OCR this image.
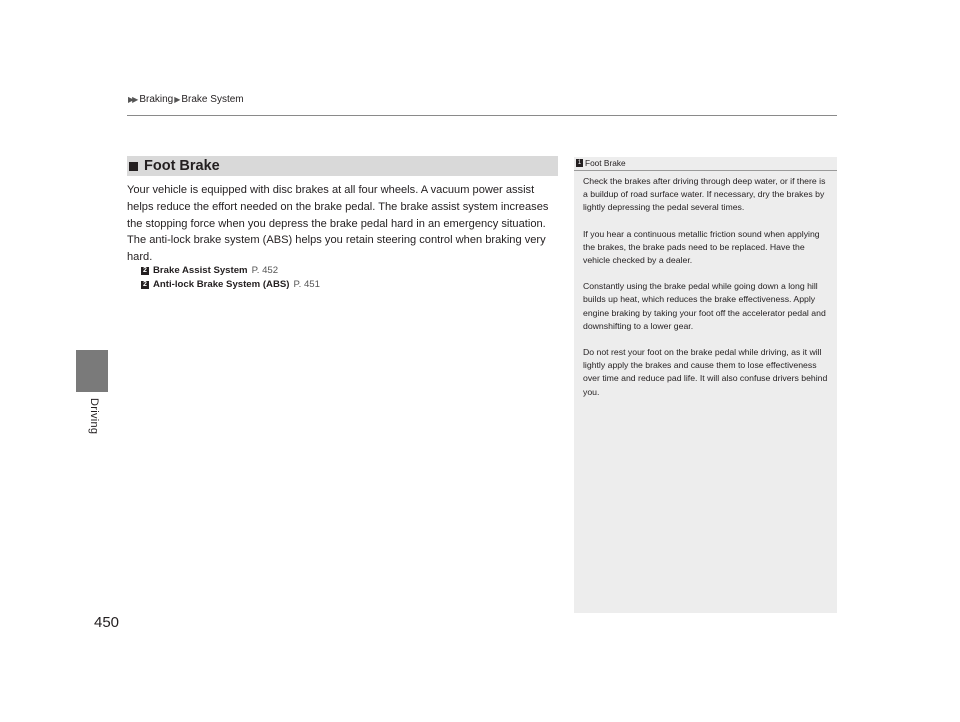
▶▶ Braking ▶ Brake System
Driving
Foot Brake
Your vehicle is equipped with disc brakes at all four wheels. A vacuum power assist helps reduce the effort needed on the brake pedal. The brake assist system increases the stopping force when you depress the brake pedal hard in an emergency situation. The anti-lock brake system (ABS) helps you retain steering control when braking very hard.
2 Brake Assist System P. 452
2 Anti-lock Brake System (ABS) P. 451
1 Foot Brake

Check the brakes after driving through deep water, or if there is a buildup of road surface water. If necessary, dry the brakes by lightly depressing the pedal several times.

If you hear a continuous metallic friction sound when applying the brakes, the brake pads need to be replaced. Have the vehicle checked by a dealer.

Constantly using the brake pedal while going down a long hill builds up heat, which reduces the brake effectiveness. Apply engine braking by taking your foot off the accelerator pedal and downshifting to a lower gear.

Do not rest your foot on the brake pedal while driving, as it will lightly apply the brakes and cause them to lose effectiveness over time and reduce pad life. It will also confuse drivers behind you.

450
